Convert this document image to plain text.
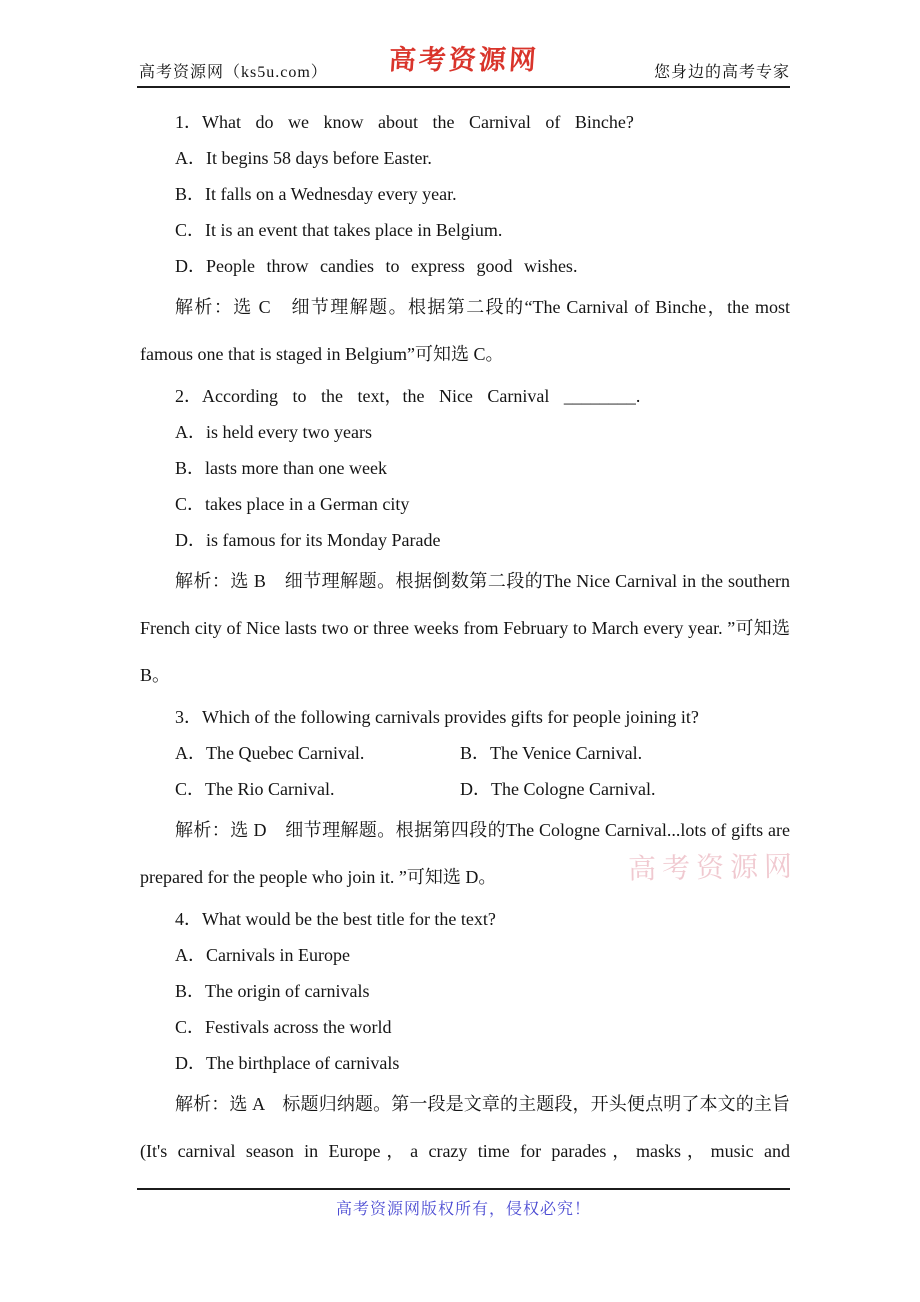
高考资源网（ks5u.com） 高考资源网	您身边的高考专家

1．What do we know about the Carnival of Binche?

A．It begins 58 days before Easter.

B．It falls on a Wednesday every year.

C．It is an event that takes place in Belgium.

D．People throw candies to express good wishes.

解析：选 C　细节理解题。根据第二段的“The Carnival of Binche，the most famous one that is staged in Belgium”可知选 C。

2．According to the text，the Nice Carnival ________.

A．is held every two years

B．lasts more than one week

C．takes place in a German city

D．is famous for its Monday Parade

解析：选 B　细节理解题。根据倒数第二段的The Nice Carnival in the southern French city of Nice lasts two or three weeks from February to March every year. ”可知选 B。

3．Which of the following carnivals provides gifts for people joining it?

A．The Quebec Carnival.	B．The Venice Carnival.
C．The Rio Carnival.	D．The Cologne Carnival.

解析：选 D　细节理解题。根据第四段的The Cologne Carnival...lots of gifts are prepared for the people who join it. ”可知选 D。

4．What would be the best title for the text?

A．Carnivals in Europe

B．The origin of carnivals

C．Festivals across the world

D．The birthplace of carnivals

解析：选 A　标题归纳题。第一段是文章的主题段，开头便点明了本文的主旨(It's carnival season in Europe，a crazy time for parades，masks，music and

高考资源网

高考资源网版权所有，侵权必究！
